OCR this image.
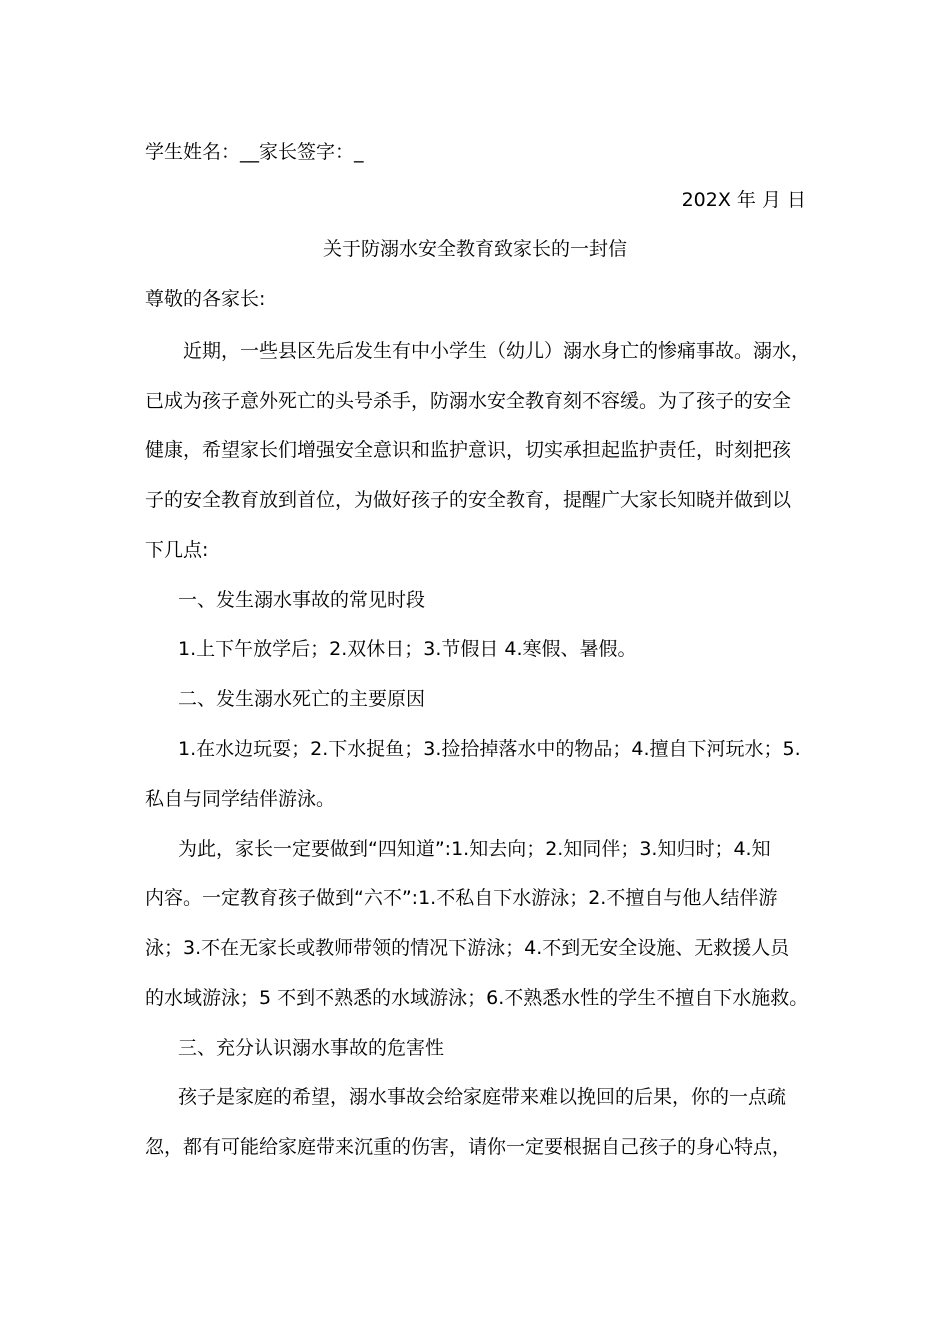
学生姓名：__家长签字：_
202X 年 月 日
关于防溺水安全教育致家长的一封信
尊敬的各家长:
近期，一些县区先后发生有中小学生（幼儿）溺水身亡的惨痛事故。溺水，
已成为孩子意外死亡的头号杀手，防溺水安全教育刻不容缓。为了孩子的安全
健康，希望家长们增强安全意识和监护意识，切实承担起监护责任，时刻把孩
子的安全教育放到首位，为做好孩子的安全教育，提醒广大家长知晓并做到以
下几点:
一、发生溺水事故的常见时段
1.上下午放学后；2.双休日；3.节假日 4.寒假、暑假。
二、发生溺水死亡的主要原因
1.在水边玩耍；2.下水捉鱼；3.捡拾掉落水中的物品；4.擅自下河玩水；5.
私自与同学结伴游泳。
为此，家长一定要做到“四知道”:1.知去向；2.知同伴；3.知归时；4.知
内容。一定教育孩子做到“六不”:1.不私自下水游泳；2.不擅自与他人结伴游
泳；3.不在无家长或教师带领的情况下游泳；4.不到无安全设施、无救援人员
的水域游泳；5 不到不熟悉的水域游泳；6.不熟悉水性的学生不擅自下水施救。
三、充分认识溺水事故的危害性
孩子是家庭的希望，溺水事故会给家庭带来难以挽回的后果，你的一点疏
忽，都有可能给家庭带来沉重的伤害，请你一定要根据自己孩子的身心特点，
